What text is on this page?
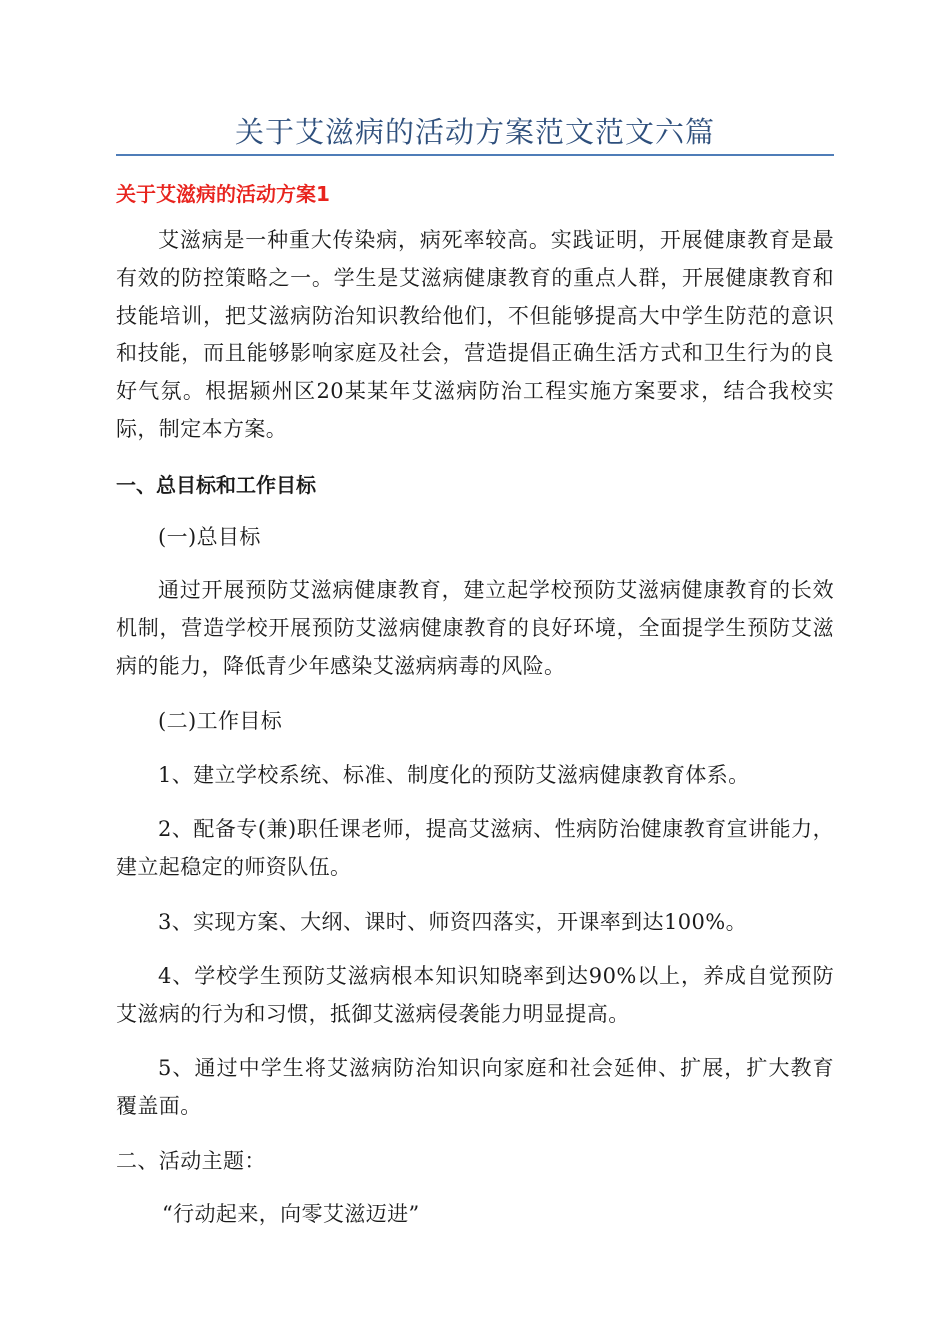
关于艾滋病的活动方案范文范文六篇
关于艾滋病的活动方案1

艾滋病是一种重大传染病，病死率较高。实践证明，开展健康教育是最有效的防控策略之一。学生是艾滋病健康教育的重点人群，开展健康教育和技能培训，把艾滋病防治知识教给他们，不但能够提高大中学生防范的意识和技能，而且能够影响家庭及社会，营造提倡正确生活方式和卫生行为的良好气氛。根据颍州区20某某年艾滋病防治工程实施方案要求，结合我校实际，制定本方案。

一、总目标和工作目标

(一)总目标

通过开展预防艾滋病健康教育，建立起学校预防艾滋病健康教育的长效机制，营造学校开展预防艾滋病健康教育的良好环境，全面提学生预防艾滋病的能力，降低青少年感染艾滋病病毒的风险。

(二)工作目标

1、建立学校系统、标准、制度化的预防艾滋病健康教育体系。

2、配备专(兼)职任课老师，提高艾滋病、性病防治健康教育宣讲能力，建立起稳定的师资队伍。

3、实现方案、大纲、课时、师资四落实，开课率到达100%。

4、学校学生预防艾滋病根本知识知晓率到达90%以上，养成自觉预防艾滋病的行为和习惯，抵御艾滋病侵袭能力明显提高。

5、通过中学生将艾滋病防治知识向家庭和社会延伸、扩展，扩大教育覆盖面。

二、活动主题：

“行动起来，向零艾滋迈进”
